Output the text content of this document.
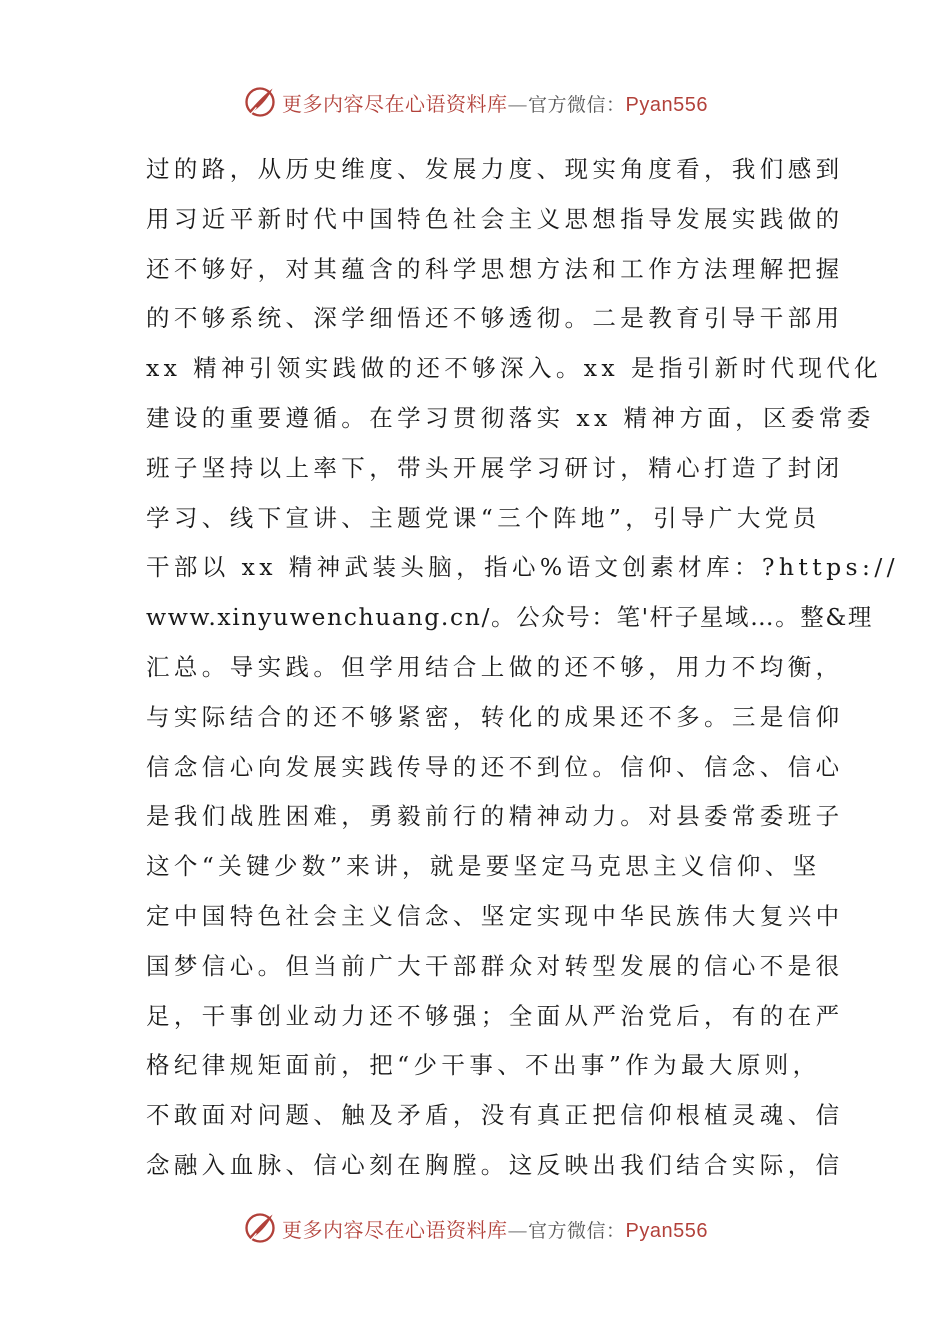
更多内容尽在心语资料库—官方微信：Pyan556
过的路，从历史维度、发展力度、现实角度看，我们感到
用习近平新时代中国特色社会主义思想指导发展实践做的
还不够好，对其蕴含的科学思想方法和工作方法理解把握
的不够系统、深学细悟还不够透彻。二是教育引导干部用
xx 精神引领实践做的还不够深入。xx 是指引新时代现代化
建设的重要遵循。在学习贯彻落实 xx 精神方面，区委常委
班子坚持以上率下，带头开展学习研讨，精心打造了封闭
学习、线下宣讲、主题党课“三个阵地”，引导广大党员
干部以 xx 精神武装头脑，指心%语文创素材库：?https://
www.xinyuwenchuang.cn/。公众号：笔'杆子星域…。整&理
汇总。导实践。但学用结合上做的还不够，用力不均衡，
与实际结合的还不够紧密，转化的成果还不多。三是信仰
信念信心向发展实践传导的还不到位。信仰、信念、信心
是我们战胜困难，勇毅前行的精神动力。对县委常委班子
这个“关键少数”来讲，就是要坚定马克思主义信仰、坚
定中国特色社会主义信念、坚定实现中华民族伟大复兴中
国梦信心。但当前广大干部群众对转型发展的信心不是很
足，干事创业动力还不够强；全面从严治党后，有的在严
格纪律规矩面前，把“少干事、不出事”作为最大原则，
不敢面对问题、触及矛盾，没有真正把信仰根植灵魂、信
念融入血脉、信心刻在胸膛。这反映出我们结合实际，信
更多内容尽在心语资料库—官方微信：Pyan556
